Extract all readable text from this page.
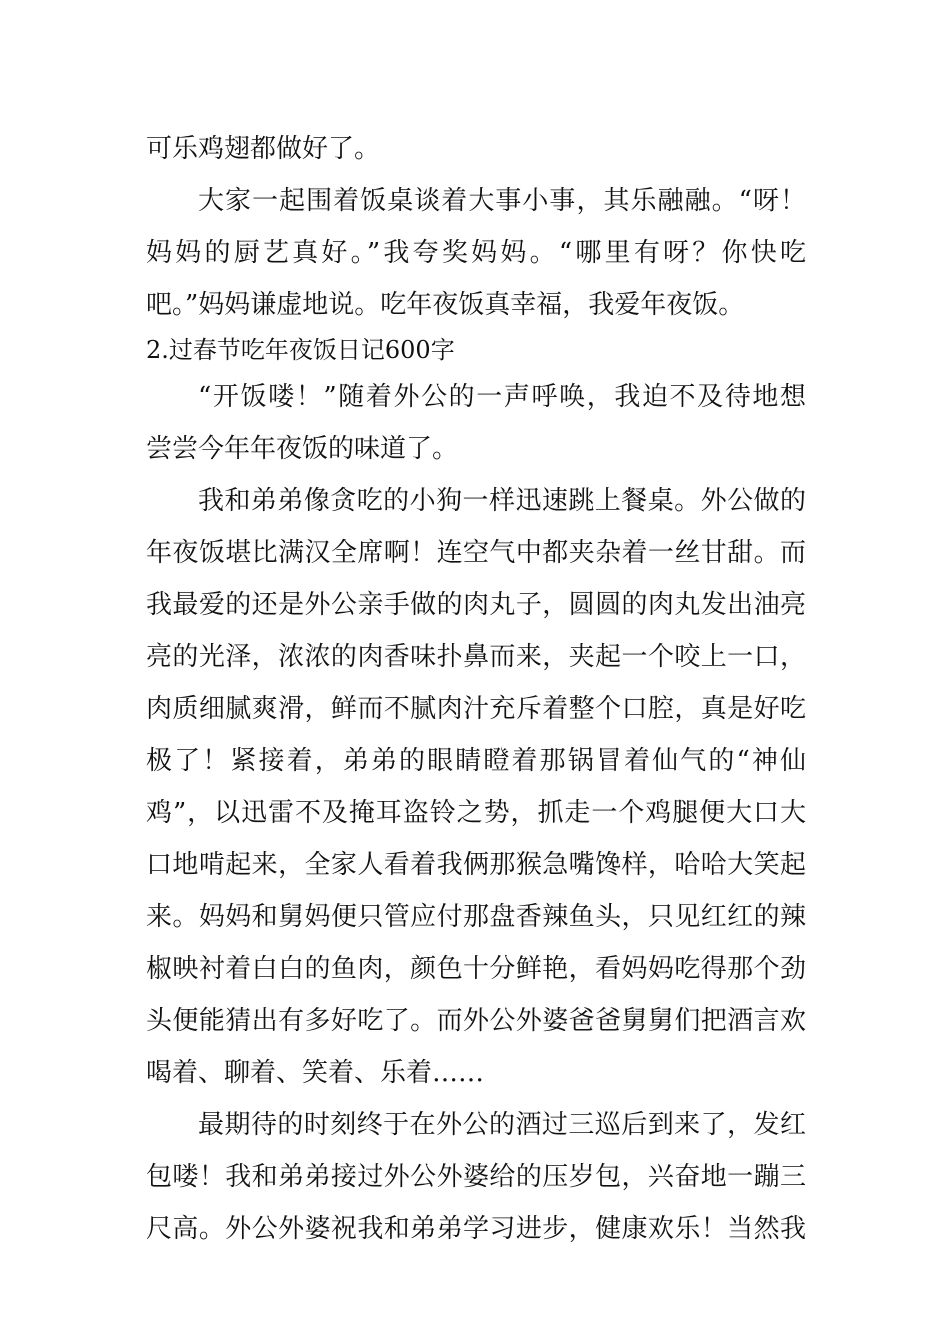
可乐鸡翅都做好了。
大家一起围着饭桌谈着大事小事，其乐融融。“呀！
妈妈的厨艺真好。”我夸奖妈妈。“哪里有呀？你快吃
吧。”妈妈谦虚地说。吃年夜饭真幸福，我爱年夜饭。
2.过春节吃年夜饭日记600字
“开饭喽！”随着外公的一声呼唤，我迫不及待地想
尝尝今年年夜饭的味道了。
我和弟弟像贪吃的小狗一样迅速跳上餐桌。外公做的
年夜饭堪比满汉全席啊！连空气中都夹杂着一丝甘甜。而
我最爱的还是外公亲手做的肉丸子，圆圆的肉丸发出油亮
亮的光泽，浓浓的肉香味扑鼻而来，夹起一个咬上一口，
肉质细腻爽滑，鲜而不腻肉汁充斥着整个口腔，真是好吃
极了！紧接着，弟弟的眼睛瞪着那锅冒着仙气的“神仙
鸡”，以迅雷不及掩耳盗铃之势，抓走一个鸡腿便大口大
口地啃起来，全家人看着我俩那猴急嘴馋样，哈哈大笑起
来。妈妈和舅妈便只管应付那盘香辣鱼头，只见红红的辣
椒映衬着白白的鱼肉，颜色十分鲜艳，看妈妈吃得那个劲
头便能猜出有多好吃了。而外公外婆爸爸舅舅们把酒言欢
喝着、聊着、笑着、乐着……
最期待的时刻终于在外公的酒过三巡后到来了，发红
包喽！我和弟弟接过外公外婆给的压岁包，兴奋地一蹦三
尺高。外公外婆祝我和弟弟学习进步，健康欢乐！当然我
